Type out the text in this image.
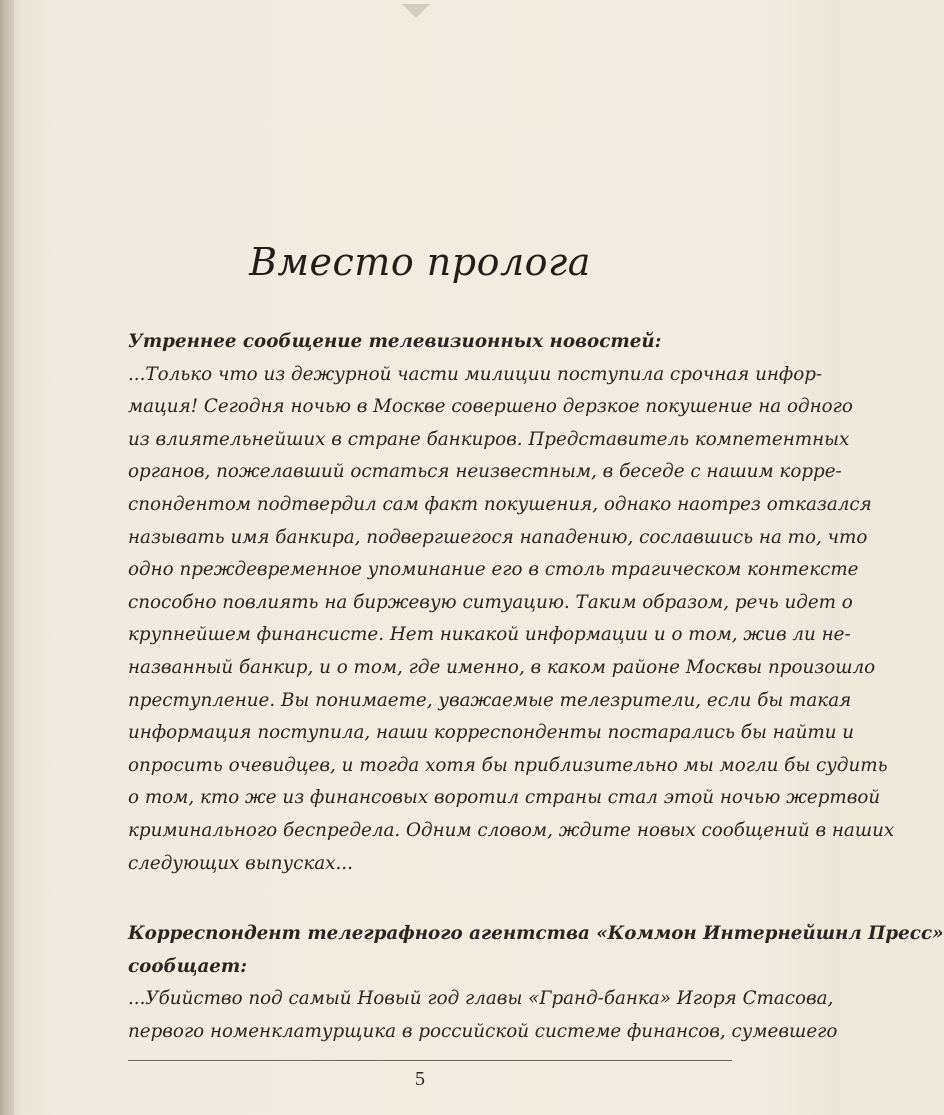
Вместо пролога
Утреннее сообщение телевизионных новостей:
...Только что из дежурной части милиции поступила срочная инфор-
мация! Сегодня ночью в Москве совершено дерзкое покушение на одного
из влиятельнейших в стране банкиров. Представитель компетентных
органов, пожелавший остаться неизвестным, в беседе с нашим корре-
спондентом подтвердил сам факт покушения, однако наотрез отказался
называть имя банкира, подвергшегося нападению, сославшись на то, что
одно преждевременное упоминание его в столь трагическом контексте
способно повлиять на биржевую ситуацию. Таким образом, речь идет о
крупнейшем финансисте. Нет никакой информации и о том, жив ли не-
названный банкир, и о том, где именно, в каком районе Москвы произошло
преступление. Вы понимаете, уважаемые телезрители, если бы такая
информация поступила, наши корреспонденты постарались бы найти и
опросить очевидцев, и тогда хотя бы приблизительно мы могли бы судить
о том, кто же из финансовых воротил страны стал этой ночью жертвой
криминального беспредела. Одним словом, ждите новых сообщений в наших
следующих выпусках...
Корреспондент телеграфного агентства «Коммон Интернейшнл Пресс»
сообщает:
...Убийство под самый Новый год главы «Гранд-банка» Игоря Стасова,
первого номенклатурщика в российской системе финансов, сумевшего
5
